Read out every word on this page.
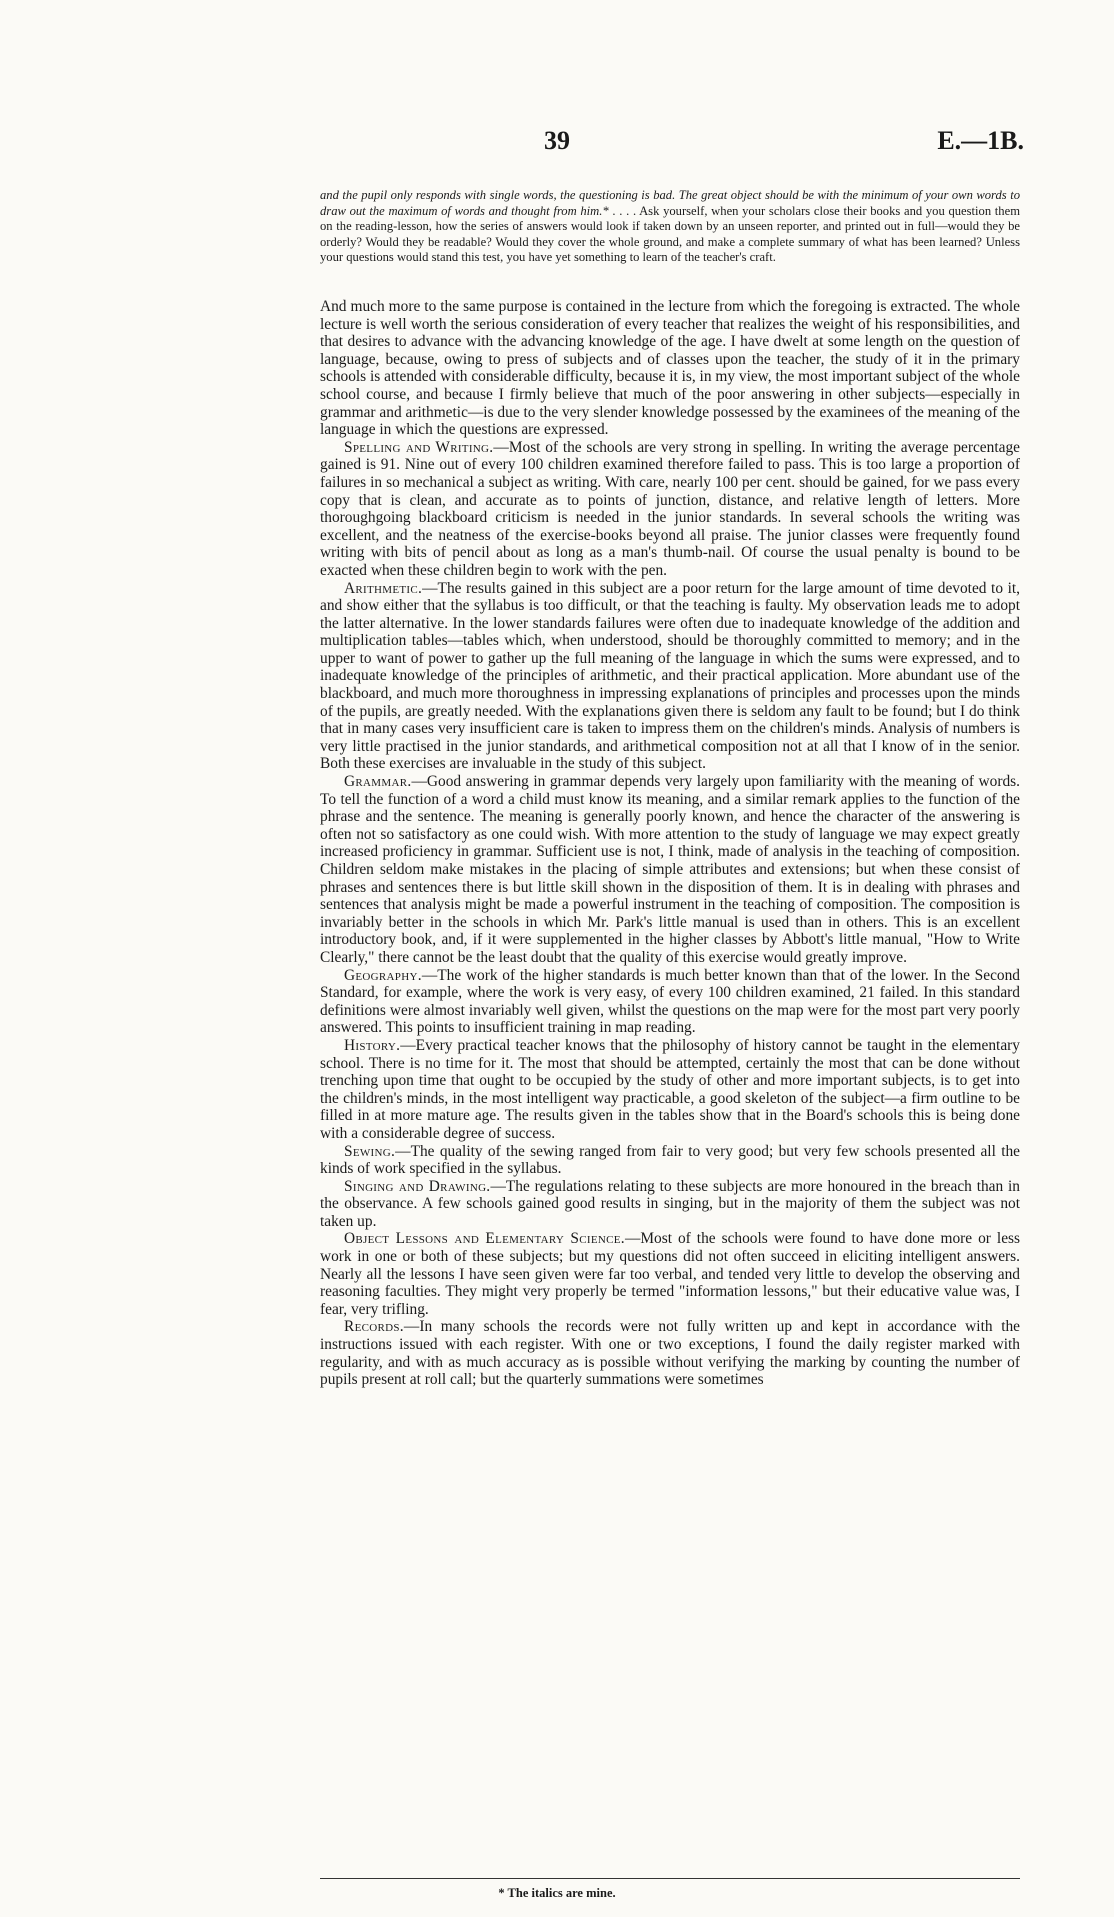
39	E.—1B.

and the pupil only responds with single words, the questioning is bad. The great object should be with the minimum of your own words to draw out the maximum of words and thought from him.* . . . . Ask yourself, when your scholars close their books and you question them on the reading-lesson, how the series of answers would look if taken down by an unseen reporter, and printed out in full—would they be orderly? Would they be readable? Would they cover the whole ground, and make a complete summary of what has been learned? Unless your questions would stand this test, you have yet something to learn of the teacher's craft.

And much more to the same purpose is contained in the lecture from which the foregoing is extracted. The whole lecture is well worth the serious consideration of every teacher that realizes the weight of his responsibilities, and that desires to advance with the advancing knowledge of the age. I have dwelt at some length on the question of language, because, owing to press of subjects and of classes upon the teacher, the study of it in the primary schools is attended with considerable difficulty, because it is, in my view, the most important subject of the whole school course, and because I firmly believe that much of the poor answering in other subjects—especially in grammar and arithmetic—is due to the very slender knowledge possessed by the examinees of the meaning of the language in which the questions are expressed.

Spelling and Writing.—Most of the schools are very strong in spelling. In writing the average percentage gained is 91. Nine out of every 100 children examined therefore failed to pass. This is too large a proportion of failures in so mechanical a subject as writing. With care, nearly 100 per cent. should be gained, for we pass every copy that is clean, and accurate as to points of junction, distance, and relative length of letters. More thoroughgoing blackboard criticism is needed in the junior standards. In several schools the writing was excellent, and the neatness of the exercise-books beyond all praise. The junior classes were frequently found writing with bits of pencil about as long as a man's thumb-nail. Of course the usual penalty is bound to be exacted when these children begin to work with the pen.

Arithmetic.—The results gained in this subject are a poor return for the large amount of time devoted to it, and show either that the syllabus is too difficult, or that the teaching is faulty. My observation leads me to adopt the latter alternative. In the lower standards failures were often due to inadequate knowledge of the addition and multiplication tables—tables which, when understood, should be thoroughly committed to memory; and in the upper to want of power to gather up the full meaning of the language in which the sums were expressed, and to inadequate knowledge of the principles of arithmetic, and their practical application. More abundant use of the blackboard, and much more thoroughness in impressing explanations of principles and processes upon the minds of the pupils, are greatly needed. With the explanations given there is seldom any fault to be found; but I do think that in many cases very insufficient care is taken to impress them on the children's minds. Analysis of numbers is very little practised in the junior standards, and arithmetical composition not at all that I know of in the senior. Both these exercises are invaluable in the study of this subject.

Grammar.—Good answering in grammar depends very largely upon familiarity with the meaning of words. To tell the function of a word a child must know its meaning, and a similar remark applies to the function of the phrase and the sentence. The meaning is generally poorly known, and hence the character of the answering is often not so satisfactory as one could wish. With more attention to the study of language we may expect greatly increased proficiency in grammar. Sufficient use is not, I think, made of analysis in the teaching of composition. Children seldom make mistakes in the placing of simple attributes and extensions; but when these consist of phrases and sentences there is but little skill shown in the disposition of them. It is in dealing with phrases and sentences that analysis might be made a powerful instrument in the teaching of composition. The composition is invariably better in the schools in which Mr. Park's little manual is used than in others. This is an excellent introductory book, and, if it were supplemented in the higher classes by Abbott's little manual, "How to Write Clearly," there cannot be the least doubt that the quality of this exercise would greatly improve.

Geography.—The work of the higher standards is much better known than that of the lower. In the Second Standard, for example, where the work is very easy, of every 100 children examined, 21 failed. In this standard definitions were almost invariably well given, whilst the questions on the map were for the most part very poorly answered. This points to insufficient training in map reading.

History.—Every practical teacher knows that the philosophy of history cannot be taught in the elementary school. There is no time for it. The most that should be attempted, certainly the most that can be done without trenching upon time that ought to be occupied by the study of other and more important subjects, is to get into the children's minds, in the most intelligent way practicable, a good skeleton of the subject—a firm outline to be filled in at more mature age. The results given in the tables show that in the Board's schools this is being done with a considerable degree of success.

Sewing.—The quality of the sewing ranged from fair to very good; but very few schools presented all the kinds of work specified in the syllabus.

Singing and Drawing.—The regulations relating to these subjects are more honoured in the breach than in the observance. A few schools gained good results in singing, but in the majority of them the subject was not taken up.

Object Lessons and Elementary Science.—Most of the schools were found to have done more or less work in one or both of these subjects; but my questions did not often succeed in eliciting intelligent answers. Nearly all the lessons I have seen given were far too verbal, and tended very little to develop the observing and reasoning faculties. They might very properly be termed "information lessons," but their educative value was, I fear, very trifling.

Records.—In many schools the records were not fully written up and kept in accordance with the instructions issued with each register. With one or two exceptions, I found the daily register marked with regularity, and with as much accuracy as is possible without verifying the marking by counting the number of pupils present at roll call; but the quarterly summations were sometimes

* The italics are mine.
